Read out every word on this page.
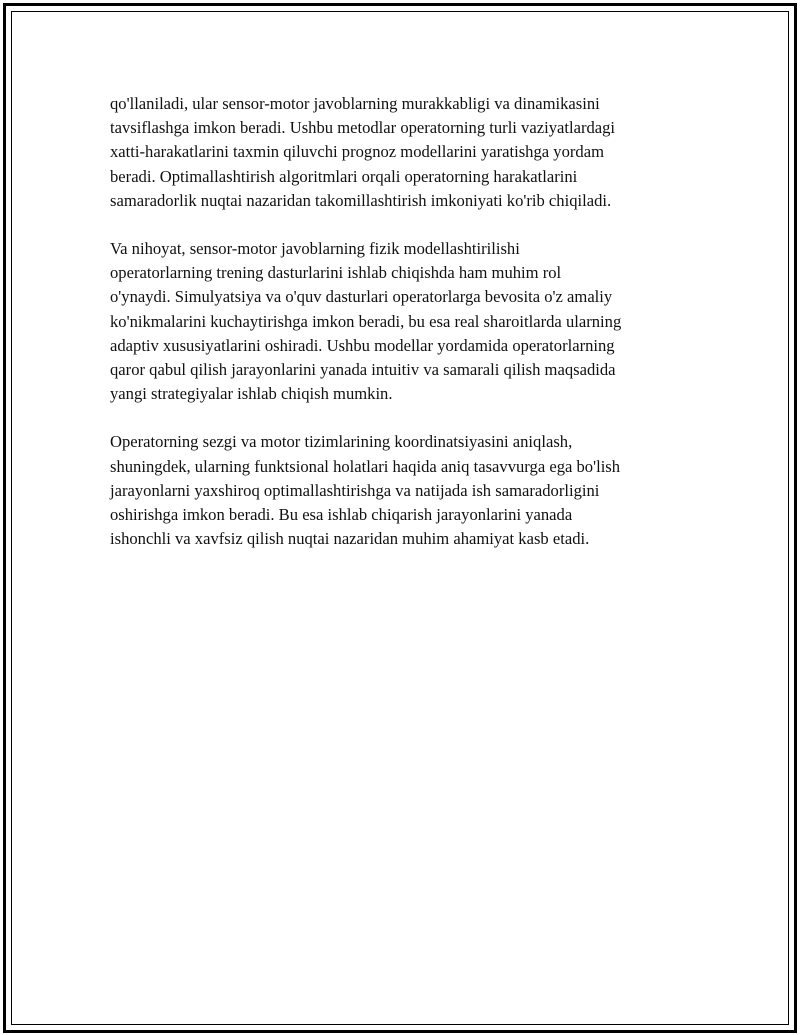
qo'llaniladi, ular sensor-motor javoblarning murakkabligi va dinamikasini
tavsiflashga imkon beradi. Ushbu metodlar operatorning turli vaziyatlardagi
xatti-harakatlarini taxmin qiluvchi prognoz modellarini yaratishga yordam
beradi. Optimallashtirish algoritmlari orqali operatorning harakatlarini
samaradorlik nuqtai nazaridan takomillashtirish imkoniyati ko'rib chiqiladi.

Va nihoyat, sensor-motor javoblarning fizik modellashtirilishi
operatorlarning trening dasturlarini ishlab chiqishda ham muhim rol
o'ynaydi. Simulyatsiya va o'quv dasturlari operatorlarga bevosita o'z amaliy
ko'nikmalarini kuchaytirishga imkon beradi, bu esa real sharoitlarda ularning
adaptiv xususiyatlarini oshiradi. Ushbu modellar yordamida operatorlarning
qaror qabul qilish jarayonlarini yanada intuitiv va samarali qilish maqsadida
yangi strategiyalar ishlab chiqish mumkin.

Operatorning sezgi va motor tizimlarining koordinatsiyasini aniqlash,
shuningdek, ularning funktsional holatlari haqida aniq tasavvurga ega bo'lish
jarayonlarni yaxshiroq optimallashtirishga va natijada ish samaradorligini
oshirishga imkon beradi. Bu esa ishlab chiqarish jarayonlarini yanada
ishonchli va xavfsiz qilish nuqtai nazaridan muhim ahamiyat kasb etadi.
